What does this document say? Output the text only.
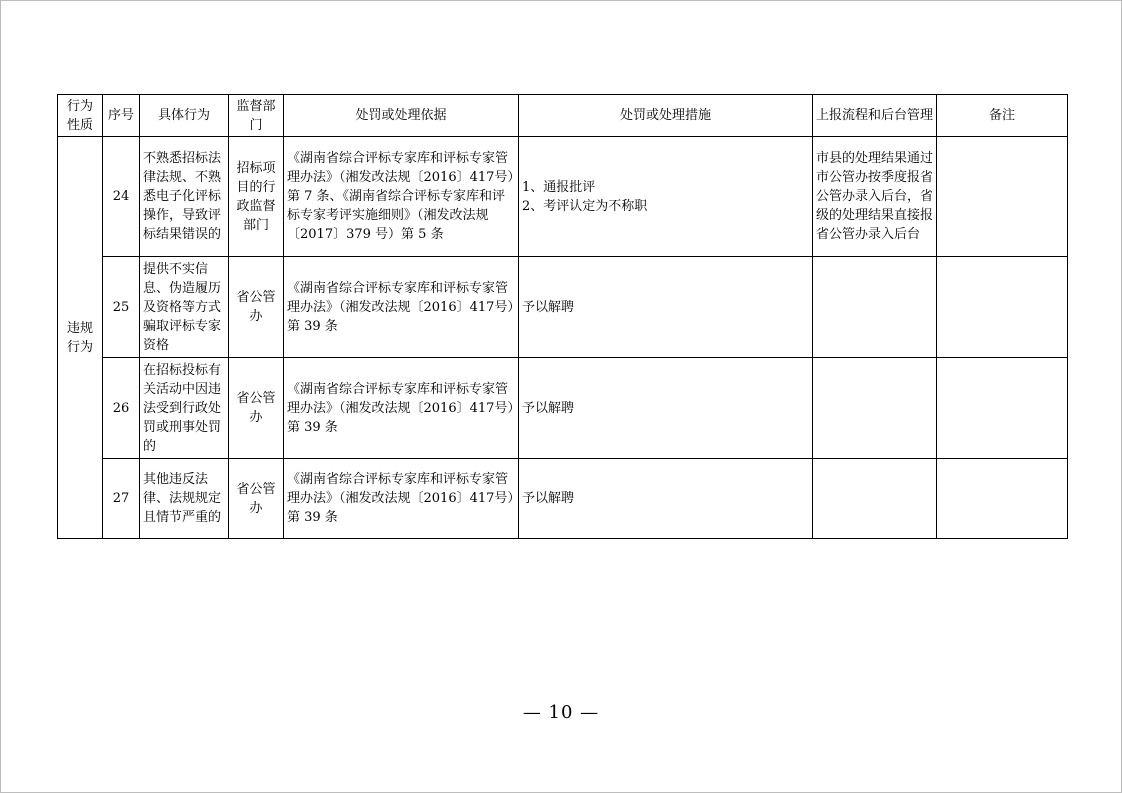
行为性质	序号	具体行为	监督部门	处罚或处理依据	处罚或处理措施	上报流程和后台管理	备注
违规行为	24	不熟悉招标法律法规、不熟悉电子化评标操作，导致评标结果错误的	招标项目的行政监督部门	《湖南省综合评标专家库和评标专家管理办法》（湘发改法规〔2016〕417号）第 7 条、《湖南省综合评标专家库和评标专家考评实施细则》（湘发改法规〔2017〕379 号）第 5 条	1、通报批评
2、考评认定为不称职	市县的处理结果通过市公管办按季度报省公管办录入后台，省级的处理结果直接报省公管办录入后台	
	25	提供不实信息、伪造履历及资格等方式骗取评标专家资格	省公管办	《湖南省综合评标专家库和评标专家管理办法》（湘发改法规〔2016〕417号）第 39 条	予以解聘		
	26	在招标投标有关活动中因违法受到行政处罚或刑事处罚的	省公管办	《湖南省综合评标专家库和评标专家管理办法》（湘发改法规〔2016〕417号）第 39 条	予以解聘		
	27	其他违反法律、法规规定且情节严重的	省公管办	《湖南省综合评标专家库和评标专家管理办法》（湘发改法规〔2016〕417号）第 39 条	予以解聘		
— 10 —
